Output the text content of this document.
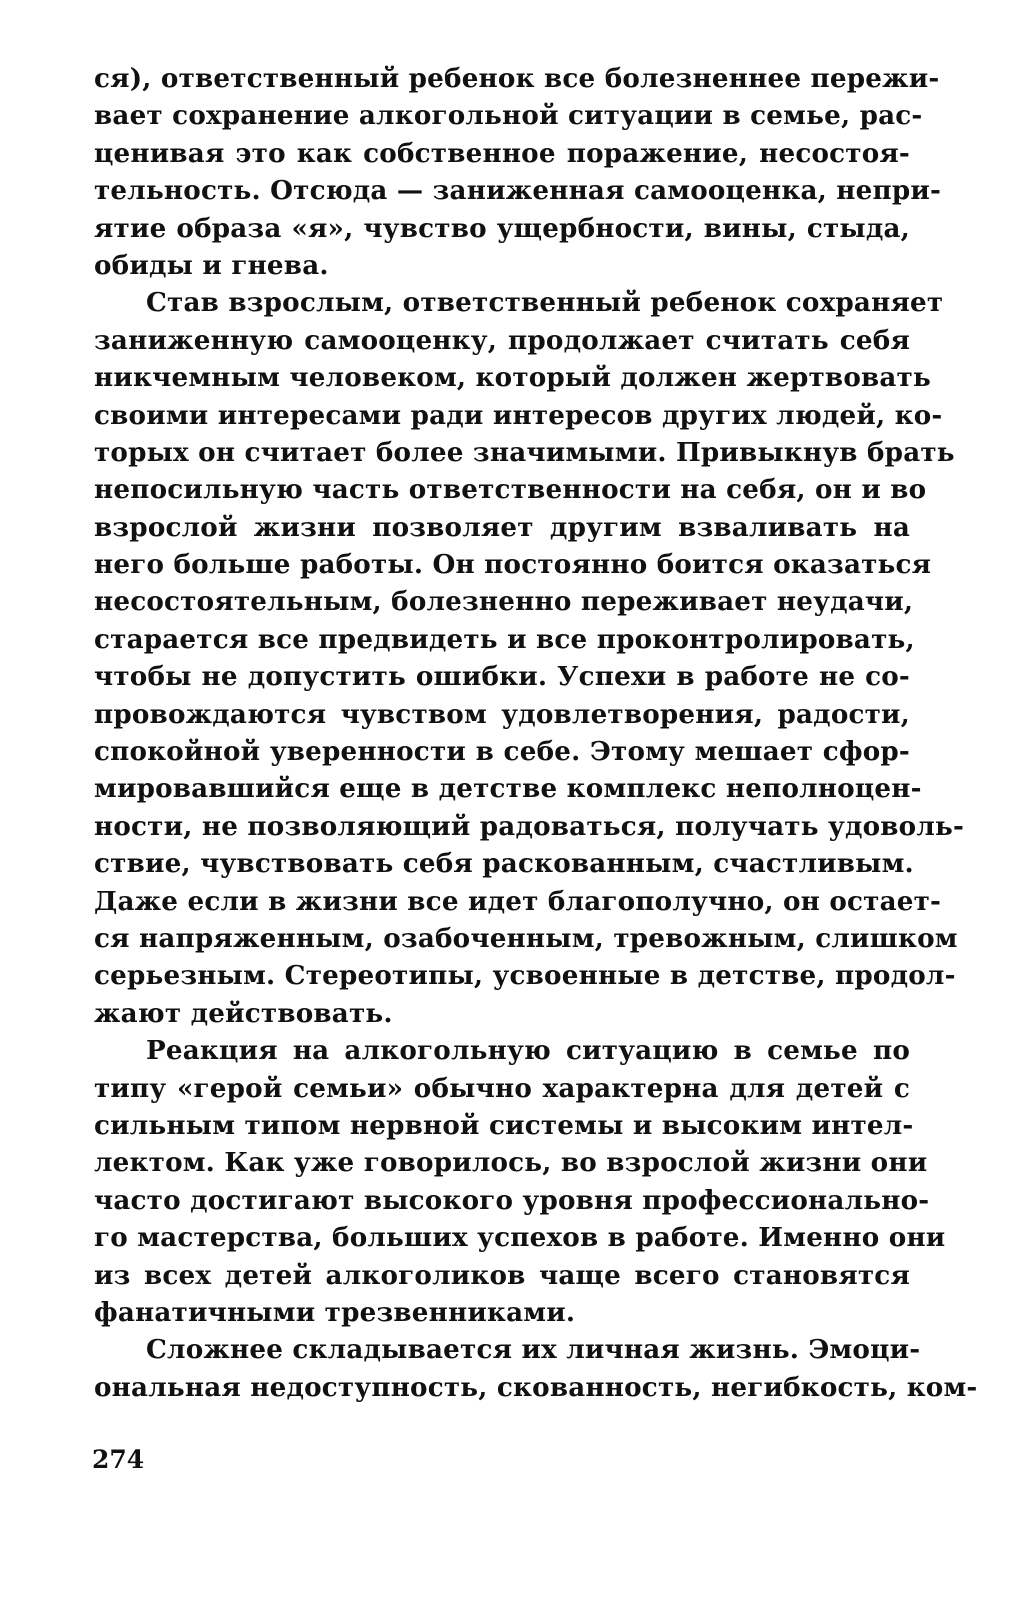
ся), ответственный ребенок все болезненнее пережи-
вает сохранение алкогольной ситуации в семье, рас-
ценивая это как собственное поражение, несостоя-
тельность. Отсюда — заниженная самооценка, непри-
ятие образа «я», чувство ущербности, вины, стыда,
обиды и гнева.
Став взрослым, ответственный ребенок сохраняет
заниженную самооценку, продолжает считать себя
никчемным человеком, который должен жертвовать
своими интересами ради интересов других людей, ко-
торых он считает более значимыми. Привыкнув брать
непосильную часть ответственности на себя, он и во
взрослой жизни позволяет другим взваливать на
него больше работы. Он постоянно боится оказаться
несостоятельным, болезненно переживает неудачи,
старается все предвидеть и все проконтролировать,
чтобы не допустить ошибки. Успехи в работе не со-
провождаются чувством удовлетворения, радости,
спокойной уверенности в себе. Этому мешает сфор-
мировавшийся еще в детстве комплекс неполноцен-
ности, не позволяющий радоваться, получать удоволь-
ствие, чувствовать себя раскованным, счастливым.
Даже если в жизни все идет благополучно, он остает-
ся напряженным, озабоченным, тревожным, слишком
серьезным. Стереотипы, усвоенные в детстве, продол-
жают действовать.
Реакция на алкогольную ситуацию в семье по
типу «герой семьи» обычно характерна для детей с
сильным типом нервной системы и высоким интел-
лектом. Как уже говорилось, во взрослой жизни они
часто достигают высокого уровня профессионально-
го мастерства, больших успехов в работе. Именно они
из всех детей алкоголиков чаще всего становятся
фанатичными трезвенниками.
Сложнее складывается их личная жизнь. Эмоци-
ональная недоступность, скованность, негибкость, ком-
274
